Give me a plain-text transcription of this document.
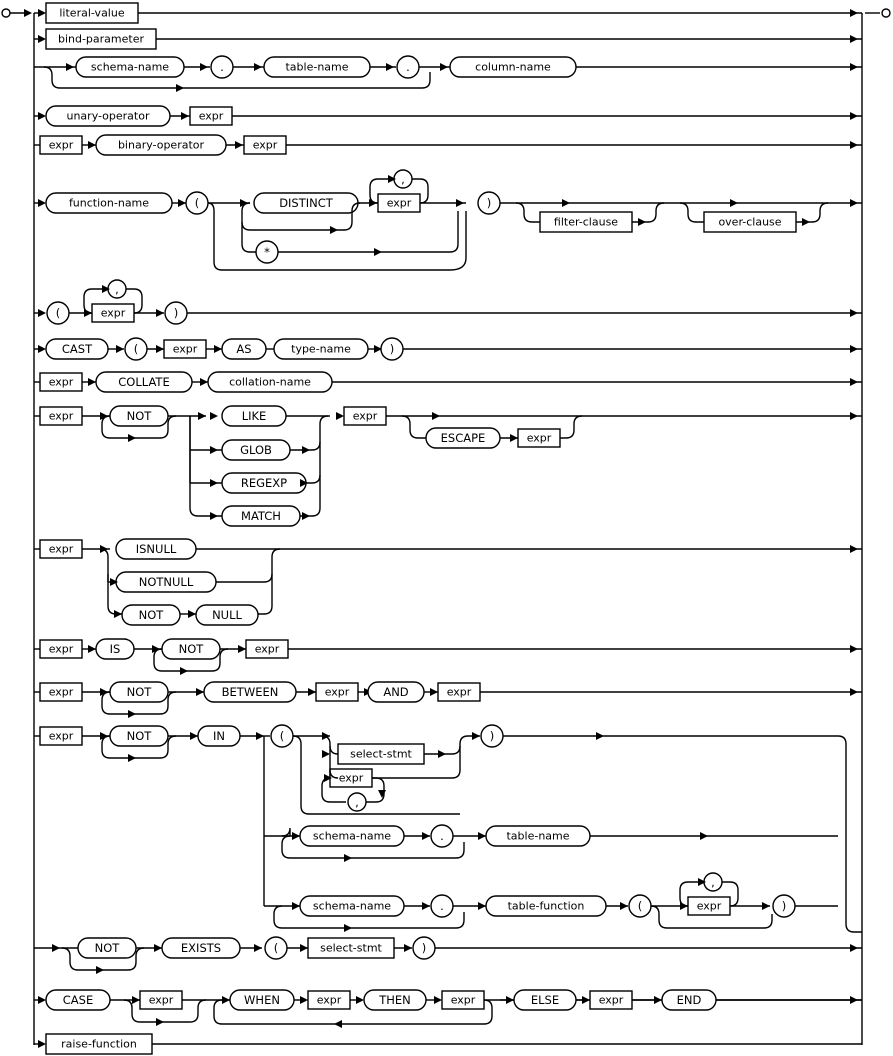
literal-value
bind-parameter
schema-name	.	table-name	.	column-name
unary-operator	expr
expr	binary-operator	expr
function-name	(	DISTINCT
,
expr
*
)
filter-clause	over-clause
(
,
expr	)
CAST	(	expr	AS	type-name	)
expr	COLLATE	collation-name
expr	NOT	LIKE
GLOB
REGEXP
MATCH
expr
ESCAPE	expr
expr	ISNULL
NOTNULL
NOT	NULL
expr	IS	NOT	expr
expr	NOT	BETWEEN	expr	AND	expr
expr	NOT	IN	(
select-stmt
expr
,
)
schema-name	.	table-name
schema-name	.	table-function	(
,
expr	)
NOT	EXISTS	(	select-stmt	)
CASE	expr	WHEN	expr	THEN	expr	ELSE	expr	END
raise-function
